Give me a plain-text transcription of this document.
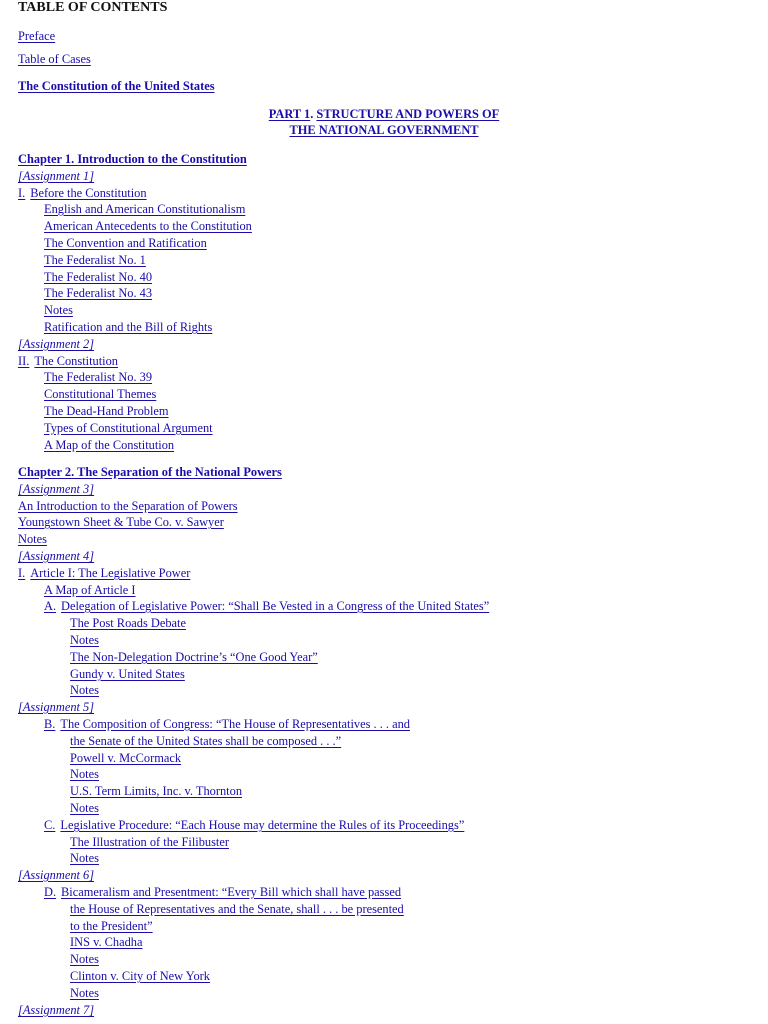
TABLE OF CONTENTS
Preface
Table of Cases
The Constitution of the United States
PART 1. STRUCTURE AND POWERS OF
THE NATIONAL GOVERNMENT
Chapter 1. Introduction to the Constitution
[Assignment 1]
I. Before the Constitution
English and American Constitutionalism
American Antecedents to the Constitution
The Convention and Ratification
The Federalist No. 1
The Federalist No. 40
The Federalist No. 43
Notes
Ratification and the Bill of Rights
[Assignment 2]
II. The Constitution
The Federalist No. 39
Constitutional Themes
The Dead-Hand Problem
Types of Constitutional Argument
A Map of the Constitution
Chapter 2. The Separation of the National Powers
[Assignment 3]
An Introduction to the Separation of Powers
Youngstown Sheet & Tube Co. v. Sawyer
Notes
[Assignment 4]
I. Article I: The Legislative Power
A Map of Article I
A. Delegation of Legislative Power: “Shall Be Vested in a Congress of the United States”
The Post Roads Debate
Notes
The Non-Delegation Doctrine’s “One Good Year”
Gundy v. United States
Notes
[Assignment 5]
B. The Composition of Congress: “The House of Representatives . . . and
the Senate of the United States shall be composed . . .”
Powell v. McCormack
Notes
U.S. Term Limits, Inc. v. Thornton
Notes
C. Legislative Procedure: “Each House may determine the Rules of its Proceedings”
The Illustration of the Filibuster
Notes
[Assignment 6]
D. Bicameralism and Presentment: “Every Bill which shall have passed
the House of Representatives and the Senate, shall . . . be presented
to the President”
INS v. Chadha
Notes
Clinton v. City of New York
Notes
[Assignment 7]
